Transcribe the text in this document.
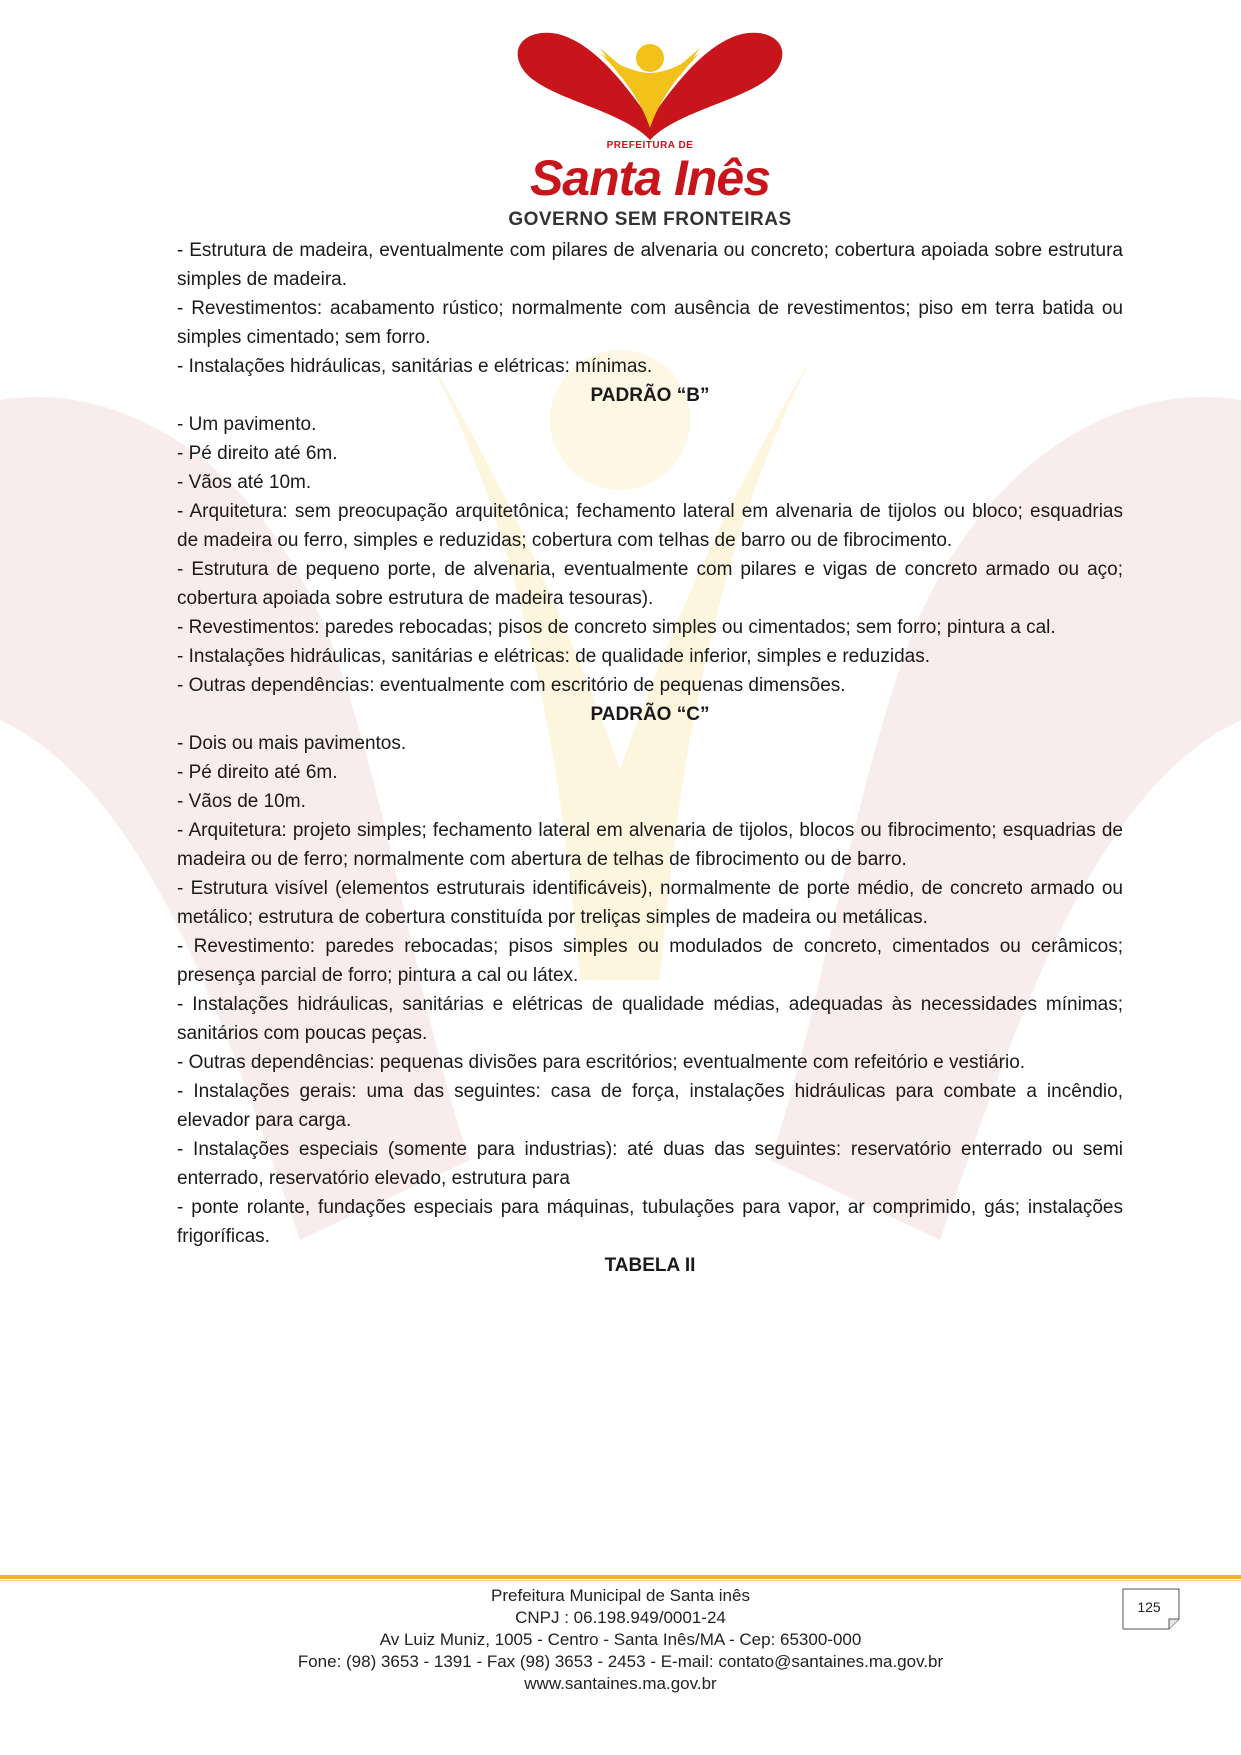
PREFEITURA DE
Santa Inês
GOVERNO SEM FRONTEIRAS

- Estrutura de madeira, eventualmente com pilares de alvenaria ou concreto; cobertura apoiada sobre estrutura simples de madeira.

- Revestimentos: acabamento rústico; normalmente com ausência de revestimentos; piso em terra batida ou simples cimentado; sem forro.

- Instalações hidráulicas, sanitárias e elétricas: mínimas.

PADRÃO “B”

- Um pavimento.

- Pé direito até 6m.

- Vãos até 10m.

- Arquitetura: sem preocupação arquitetônica; fechamento lateral em alvenaria de tijolos ou bloco; esquadrias de madeira ou ferro, simples e reduzidas; cobertura com telhas de barro ou de fibrocimento.

- Estrutura de pequeno porte, de alvenaria, eventualmente com pilares e vigas de concreto armado ou aço; cobertura apoiada sobre estrutura de madeira tesouras).

- Revestimentos: paredes rebocadas; pisos de concreto simples ou cimentados; sem forro; pintura a cal.

- Instalações hidráulicas, sanitárias e elétricas: de qualidade inferior, simples e reduzidas.

- Outras dependências: eventualmente com escritório de pequenas dimensões.

PADRÃO “C”

- Dois ou mais pavimentos.

- Pé direito até 6m.

- Vãos de 10m.

- Arquitetura: projeto simples; fechamento lateral em alvenaria de tijolos, blocos ou fibrocimento; esquadrias de madeira ou de ferro; normalmente com abertura de telhas de fibrocimento ou de barro.

- Estrutura visível (elementos estruturais identificáveis), normalmente de porte médio, de concreto armado ou metálico; estrutura de cobertura constituída por treliças simples de madeira ou metálicas.

- Revestimento: paredes rebocadas; pisos simples ou modulados de concreto, cimentados ou cerâmicos; presença parcial de forro; pintura a cal ou látex.

- Instalações hidráulicas, sanitárias e elétricas de qualidade médias, adequadas às necessidades mínimas; sanitários com poucas peças.

- Outras dependências: pequenas divisões para escritórios; eventualmente com refeitório e vestiário.

- Instalações gerais: uma das seguintes: casa de força, instalações hidráulicas para combate a incêndio, elevador para carga.

- Instalações especiais (somente para industrias): até duas das seguintes: reservatório enterrado ou semi enterrado, reservatório elevado, estrutura para

- ponte rolante, fundações especiais para máquinas, tubulações para vapor, ar comprimido, gás; instalações frigoríficas.

TABELA II

Prefeitura Municipal de Santa inês
CNPJ : 06.198.949/0001-24
Av Luiz Muniz, 1005 - Centro - Santa Inês/MA - Cep: 65300-000
Fone: (98) 3653 - 1391 - Fax (98) 3653 - 2453 - E-mail: contato@santaines.ma.gov.br
www.santaines.ma.gov.br
125
